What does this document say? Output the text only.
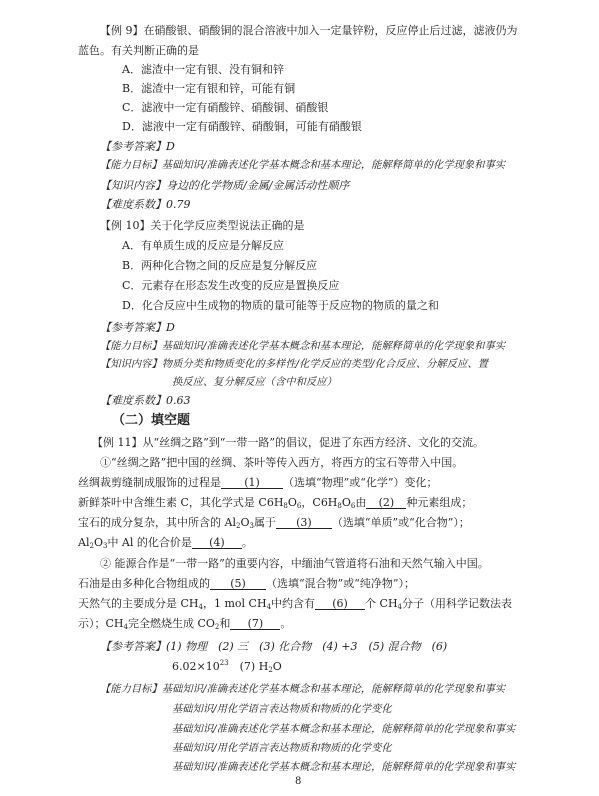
【例 9】在硝酸银、硝酸铜的混合溶液中加入一定量锌粉，反应停止后过滤，滤液仍为
蓝色。有关判断正确的是
A．滤渣中一定有银、没有铜和锌
B．滤渣中一定有银和锌，可能有铜
C．滤液中一定有硝酸锌、硝酸铜、硝酸银
D．滤液中一定有硝酸锌、硝酸铜，可能有硝酸银
【参考答案】D
【能力目标】基础知识/准确表述化学基本概念和基本理论，能解释简单的化学现象和事实
【知识内容】身边的化学物质/金属/金属活动性顺序
【难度系数】0.79
【例 10】关于化学反应类型说法正确的是
A．有单质生成的反应是分解反应
B．两种化合物之间的反应是复分解反应
C．元素存在形态发生改变的反应是置换反应
D．化合反应中生成物的物质的量可能等于反应物的物质的量之和
【参考答案】D
【能力目标】基础知识/准确表述化学基本概念和基本理论，能解释简单的化学现象和事实
【知识内容】物质分类和物质变化的多样性/化学反应的类型/化合反应、分解反应、置
换反应、复分解反应（含中和反应）
【难度系数】0.63
（二）填空题
【例 11】从“丝绸之路”到“一带一路”的倡议，促进了东西方经济、文化的交流。
①“丝绸之路”把中国的丝绸、茶叶等传入西方，将西方的宝石等带入中国。
丝绸裁剪缝制成服饰的过程是 (1) （选填“物理”或“化学”）变化；
新鲜茶叶中含维生素 C，其化学式是 $C6H_8O_6$，$C6H_8O_6$由 (2) 种元素组成；
宝石的成分复杂，其中所含的 $Al_2O_3$属于 (3) （选填“单质”或“化合物”）；
$Al_2O_3$中 Al 的化合价是 (4) 。
② 能源合作是“一带一路”的重要内容，中缅油气管道将石油和天然气输入中国。
石油是由多种化合物组成的 (5) （选填“混合物”或“纯净物”）；
天然气的主要成分是 $CH_4$，1 mol $CH_4$中约含有 (6) 个 $CH_4$分子（用科学记数法表
示）；$CH_4$完全燃烧生成 $CO_2$和 (7) 。
【参考答案】(1) 物理　(2) 三　(3) 化合物　(4) +3　(5) 混合物　(6)
$6.02\times 10^{23}$　(7) $H_2O$
【能力目标】基础知识/准确表述化学基本概念和基本理论，能解释简单的化学现象和事实
基础知识/用化学语言表达物质和物质的化学变化
基础知识/准确表述化学基本概念和基本理论，能解释简单的化学现象和事实
基础知识/用化学语言表达物质和物质的化学变化
基础知识/准确表述化学基本概念和基本理论，能解释简单的化学现象和事实
8
